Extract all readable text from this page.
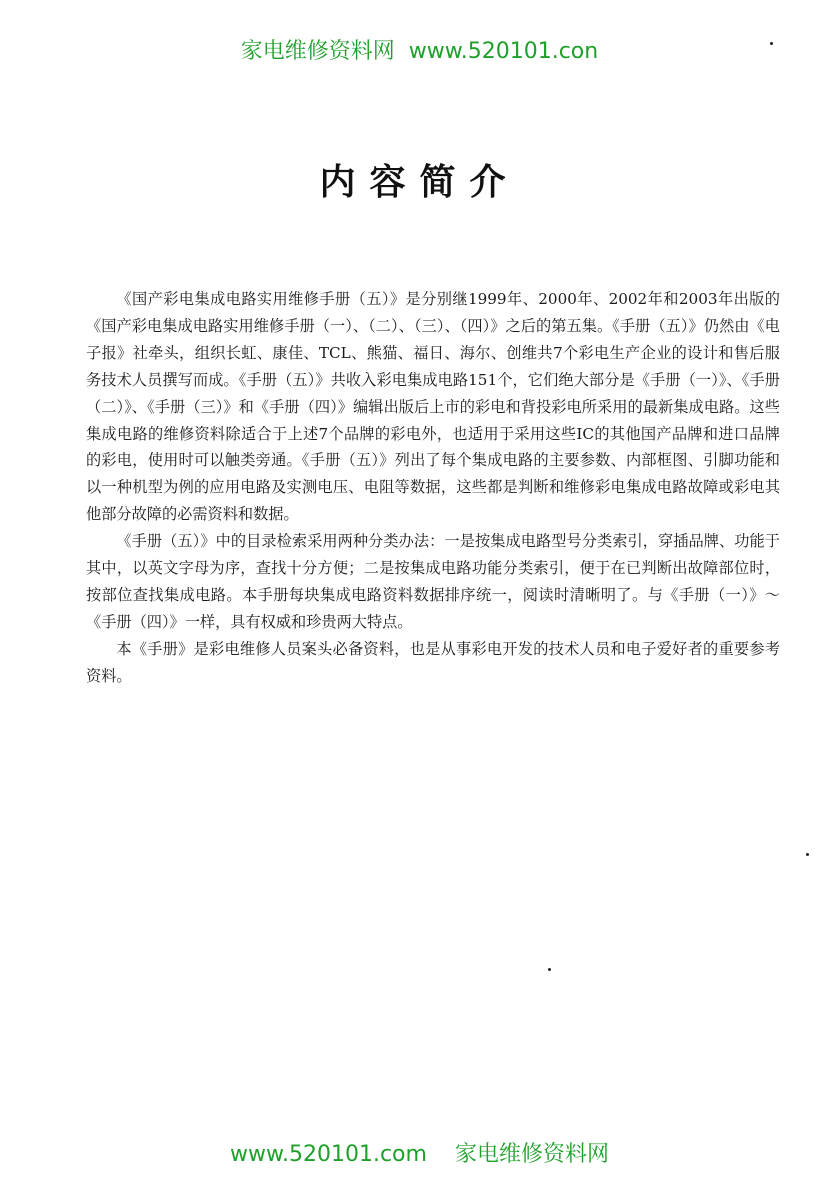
家电维修资料网 www.520101.con
内容简介

《国产彩电集成电路实用维修手册（五）》是分别继1999年、2000年、2002年和2003年出版的《国产彩电集成电路实用维修手册（一）、（二）、（三）、（四）》之后的第五集。《手册（五）》仍然由《电子报》社牵头，组织长虹、康佳、TCL、熊猫、福日、海尔、创维共7个彩电生产企业的设计和售后服务技术人员撰写而成。《手册（五）》共收入彩电集成电路151个，它们绝大部分是《手册（一）》、《手册（二）》、《手册（三）》和《手册（四）》编辑出版后上市的彩电和背投彩电所采用的最新集成电路。这些集成电路的维修资料除适合于上述7个品牌的彩电外，也适用于采用这些IC的其他国产品牌和进口品牌的彩电，使用时可以触类旁通。《手册（五）》列出了每个集成电路的主要参数、内部框图、引脚功能和以一种机型为例的应用电路及实测电压、电阻等数据，这些都是判断和维修彩电集成电路故障或彩电其他部分故障的必需资料和数据。

《手册（五）》中的目录检索采用两种分类办法：一是按集成电路型号分类索引，穿插品牌、功能于其中，以英文字母为序，查找十分方便；二是按集成电路功能分类索引，便于在已判断出故障部位时，按部位查找集成电路。本手册每块集成电路资料数据排序统一，阅读时清晰明了。与《手册（一）》～《手册（四）》一样，具有权威和珍贵两大特点。

本《手册》是彩电维修人员案头必备资料，也是从事彩电开发的技术人员和电子爱好者的重要参考资料。

www.520101.com 家电维修资料网
